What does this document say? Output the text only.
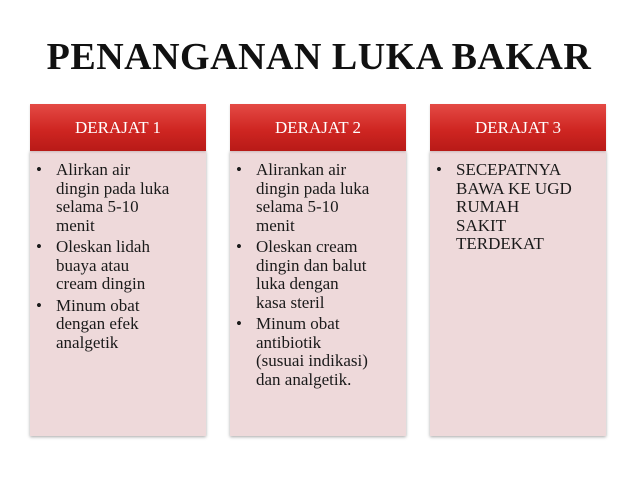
PENANGANAN LUKA BAKAR
DERAJAT 1
• Alirkan air
dingin pada luka
selama 5-10
menit
• Oleskan lidah
buaya atau
cream dingin
• Minum obat
dengan efek
analgetik
DERAJAT 2
• Alirankan air
dingin pada luka
selama 5-10
menit
• Oleskan cream
dingin dan balut
luka dengan
kasa steril
• Minum obat
antibiotik
(susuai indikasi)
dan analgetik.
DERAJAT 3
• SECEPATNYA
BAWA KE UGD
RUMAH
SAKIT
TERDEKAT
